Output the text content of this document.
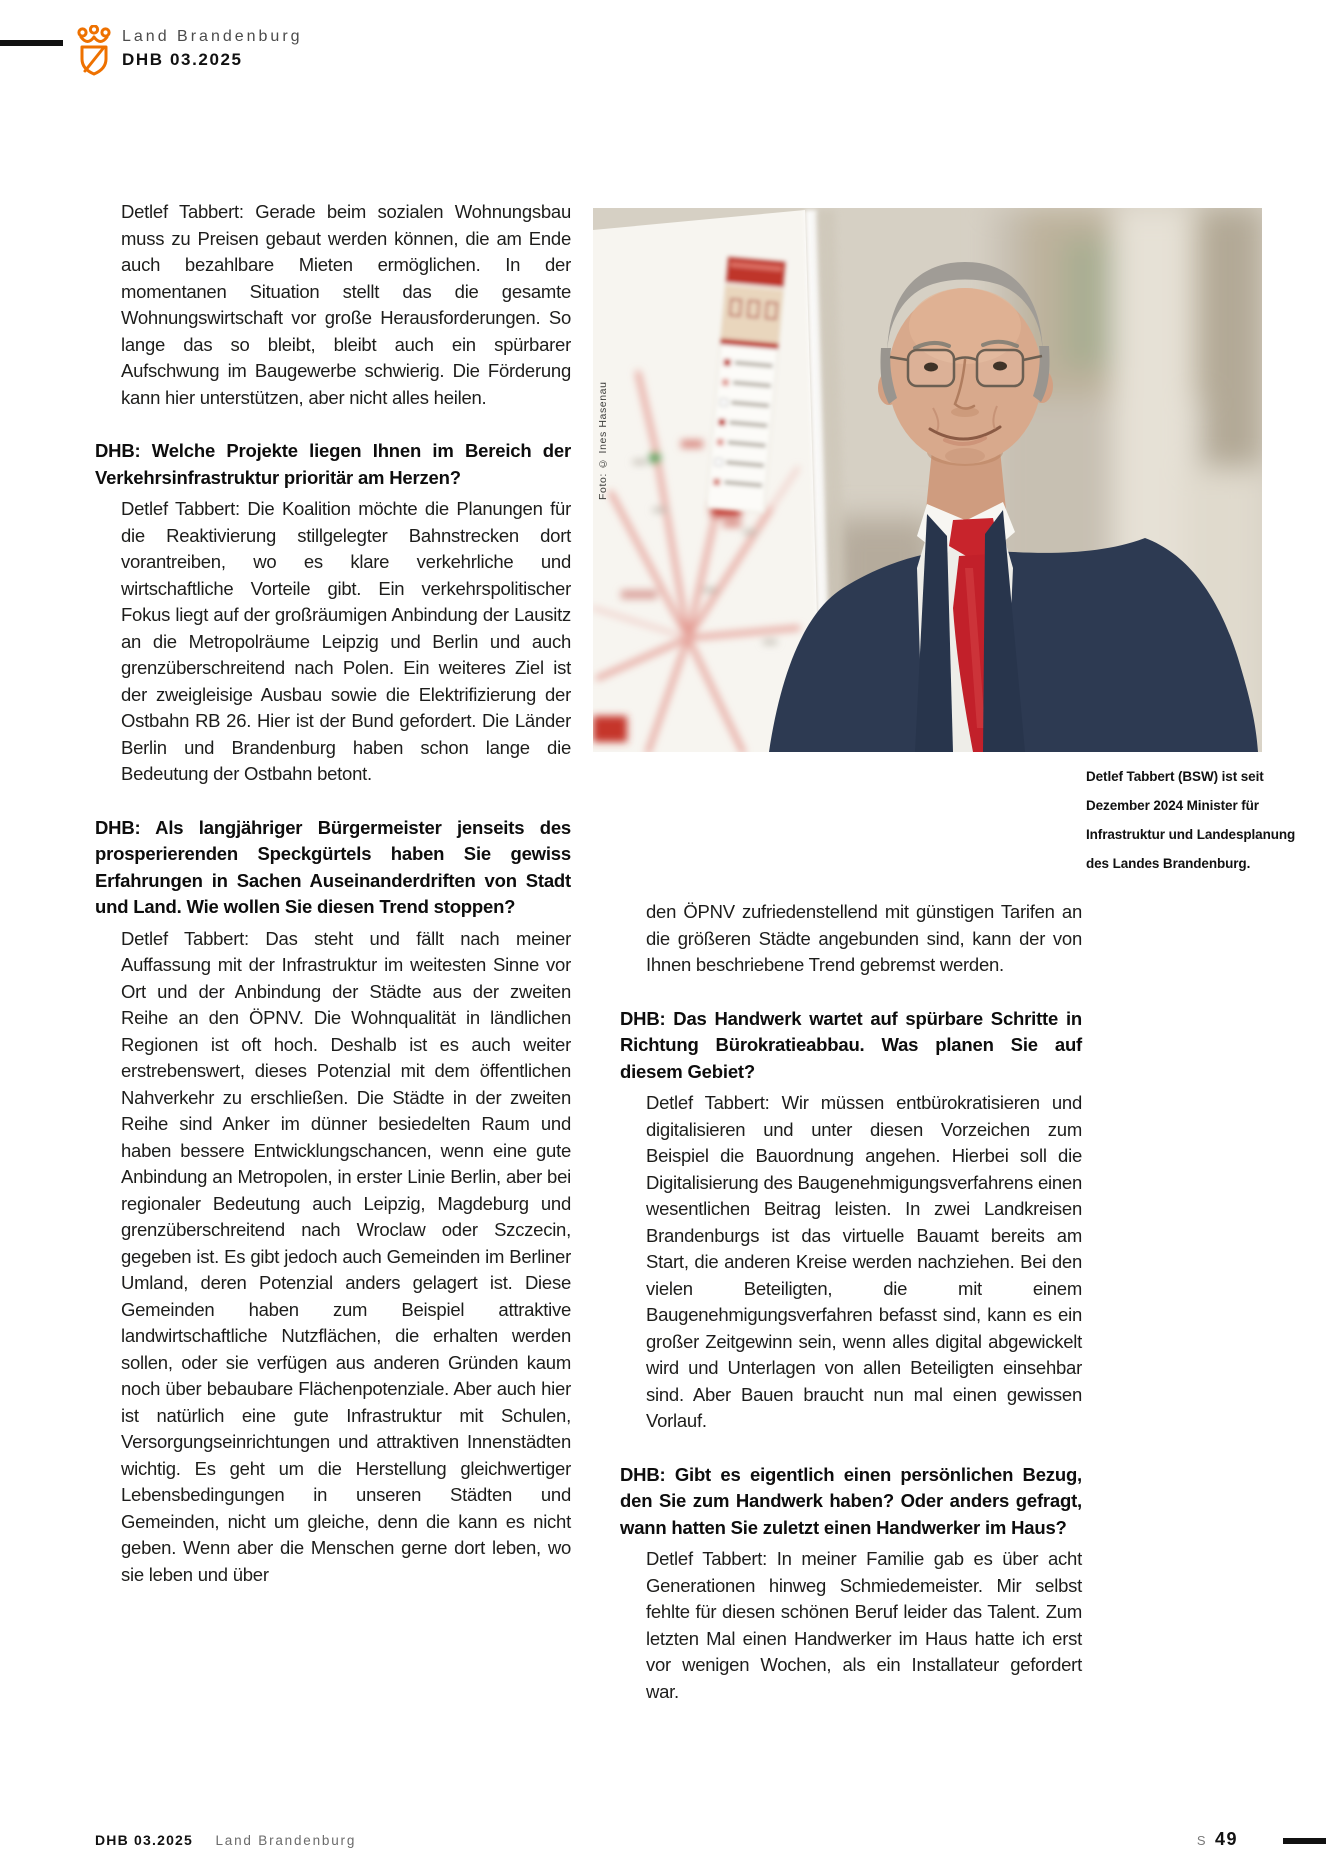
Land Brandenburg
DHB 03.2025
Foto: © Ines Hasenau
Detlef Tabbert (BSW) ist seit
Dezember 2024 Minister für
Infrastruktur und Landesplanung
des Landes Brandenburg.

Detlef Tabbert: Gerade beim sozialen Wohnungsbau muss zu Preisen gebaut werden können, die am Ende auch bezahlbare Mieten ermöglichen. In der momentanen Situation stellt das die gesamte Wohnungswirtschaft vor große Herausforderungen. So lange das so bleibt, bleibt auch ein spürbarer Aufschwung im Baugewerbe schwierig. Die Förderung kann hier unterstützen, aber nicht alles heilen.

DHB: Welche Projekte liegen Ihnen im Bereich der Verkehrsinfrastruktur prioritär am Herzen?

Detlef Tabbert: Die Koalition möchte die Planungen für die Reaktivierung stillgelegter Bahnstrecken dort vorantreiben, wo es klare verkehrliche und wirtschaftliche Vorteile gibt. Ein verkehrspolitischer Fokus liegt auf der großräumigen Anbindung der Lausitz an die Metropolräume Leipzig und Berlin und auch grenzüberschreitend nach Polen. Ein weiteres Ziel ist der zweigleisige Ausbau sowie die Elektrifizierung der Ostbahn RB 26. Hier ist der Bund gefordert. Die Länder Berlin und Brandenburg haben schon lange die Bedeutung der Ostbahn betont.

DHB: Als langjähriger Bürgermeister jenseits des prosperierenden Speckgürtels haben Sie gewiss Erfahrungen in Sachen Auseinanderdriften von Stadt und Land. Wie wollen Sie diesen Trend stoppen?

Detlef Tabbert: Das steht und fällt nach meiner Auffassung mit der Infrastruktur im weitesten Sinne vor Ort und der Anbindung der Städte aus der zweiten Reihe an den ÖPNV. Die Wohnqualität in ländlichen Regionen ist oft hoch. Deshalb ist es auch weiter erstrebenswert, dieses Potenzial mit dem öffentlichen Nahverkehr zu erschließen. Die Städte in der zweiten Reihe sind Anker im dünner besiedelten Raum und haben bessere Entwicklungschancen, wenn eine gute Anbindung an Metropolen, in erster Linie Berlin, aber bei regionaler Bedeutung auch Leipzig, Magdeburg und grenzüberschreitend nach Wroclaw oder Szczecin, gegeben ist. Es gibt jedoch auch Gemeinden im Berliner Umland, deren Potenzial anders gelagert ist. Diese Gemeinden haben zum Beispiel attraktive landwirtschaftliche Nutzflächen, die erhalten werden sollen, oder sie verfügen aus anderen Gründen kaum noch über bebaubare Flächenpotenziale. Aber auch hier ist natürlich eine gute Infrastruktur mit Schulen, Versorgungseinrichtungen und attraktiven Innenstädten wichtig. Es geht um die Herstellung gleichwertiger Lebensbedingungen in unseren Städten und Gemeinden, nicht um gleiche, denn die kann es nicht geben. Wenn aber die Menschen gerne dort leben, wo sie leben und über

den ÖPNV zufriedenstellend mit günstigen Tarifen an die größeren Städte angebunden sind, kann der von Ihnen beschriebene Trend gebremst werden.

DHB: Das Handwerk wartet auf spürbare Schritte in Richtung Bürokratieabbau. Was planen Sie auf diesem Gebiet?

Detlef Tabbert: Wir müssen entbürokratisieren und digitalisieren und unter diesen Vorzeichen zum Beispiel die Bauordnung angehen. Hierbei soll die Digitalisierung des Baugenehmigungsverfahrens einen wesentlichen Beitrag leisten. In zwei Landkreisen Brandenburgs ist das virtuelle Bauamt bereits am Start, die anderen Kreise werden nachziehen. Bei den vielen Beteiligten, die mit einem Baugenehmigungsverfahren befasst sind, kann es ein großer Zeitgewinn sein, wenn alles digital abgewickelt wird und Unterlagen von allen Beteiligten einsehbar sind. Aber Bauen braucht nun mal einen gewissen Vorlauf.

DHB: Gibt es eigentlich einen persönlichen Bezug, den Sie zum Handwerk haben? Oder anders gefragt, wann hatten Sie zuletzt einen Handwerker im Haus?

Detlef Tabbert: In meiner Familie gab es über acht Generationen hinweg Schmiedemeister. Mir selbst fehlte für diesen schönen Beruf leider das Talent. Zum letzten Mal einen Handwerker im Haus hatte ich erst vor wenigen Wochen, als ein Installateur gefordert war.

DHB 03.2025 Land Brandenburg	S 49
